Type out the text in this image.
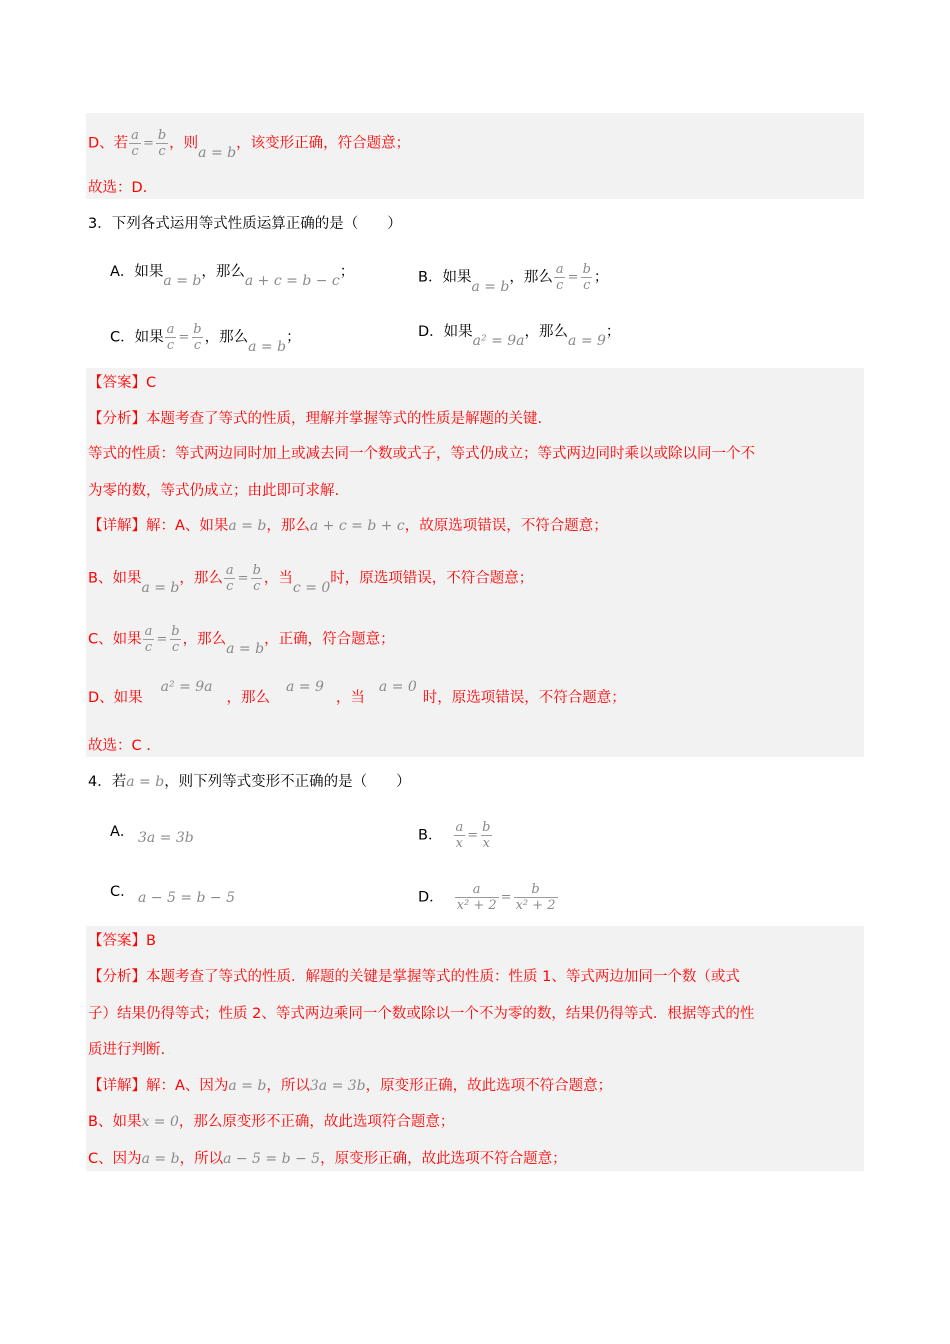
D、若 $\frac{a}{c} = \frac{b}{c}$ ，则a = b，该变形正确，符合题意；
故选：D.
3．下列各式运用等式性质运算正确的是（　　）
A．如果a = b，那么a + c = b − c；	B．如果a = b，那么 $\frac{a}{c} = \frac{b}{c}$ ；
C．如果 $\frac{a}{c} = \frac{b}{c}$ ，那么a = b；	D．如果a² = 9a，那么a = 9；
【答案】C
【分析】本题考查了等式的性质，理解并掌握等式的性质是解题的关键.
等式的性质：等式两边同时加上或减去同一个数或式子，等式仍成立；等式两边同时乘以或除以同一个不
为零的数，等式仍成立；由此即可求解.
【详解】解：A、如果a = b，那么a + c = b + c，故原选项错误，不符合题意；
B、如果a = b，那么 $\frac{a}{c} = \frac{b}{c}$ ，当c = 0时，原选项错误，不符合题意；
C、如果 $\frac{a}{c} = \frac{b}{c}$ ，那么a = b，正确，符合题意；
D、如果a² = 9a，那么a = 9，当a = 0时，原选项错误，不符合题意；
故选：C .
4．若a = b，则下列等式变形不正确的是（　　）
A． 3a = 3b	B． $\frac{a}{x} = \frac{b}{x}$
C． a − 5 = b − 5	D． $\frac{a}{\text{x² + 2}} = \frac{b}{\text{x² + 2}}$
【答案】B
【分析】本题考查了等式的性质．解题的关键是掌握等式的性质：性质 1、等式两边加同一个数（或式
子）结果仍得等式；性质 2、等式两边乘同一个数或除以一个不为零的数，结果仍得等式．根据等式的性
质进行判断.
【详解】解：A、因为a = b，所以3a = 3b，原变形正确，故此选项不符合题意；
B、如果x = 0，那么原变形不正确，故此选项符合题意；
C、因为a = b，所以a − 5 = b − 5，原变形正确，故此选项不符合题意；
